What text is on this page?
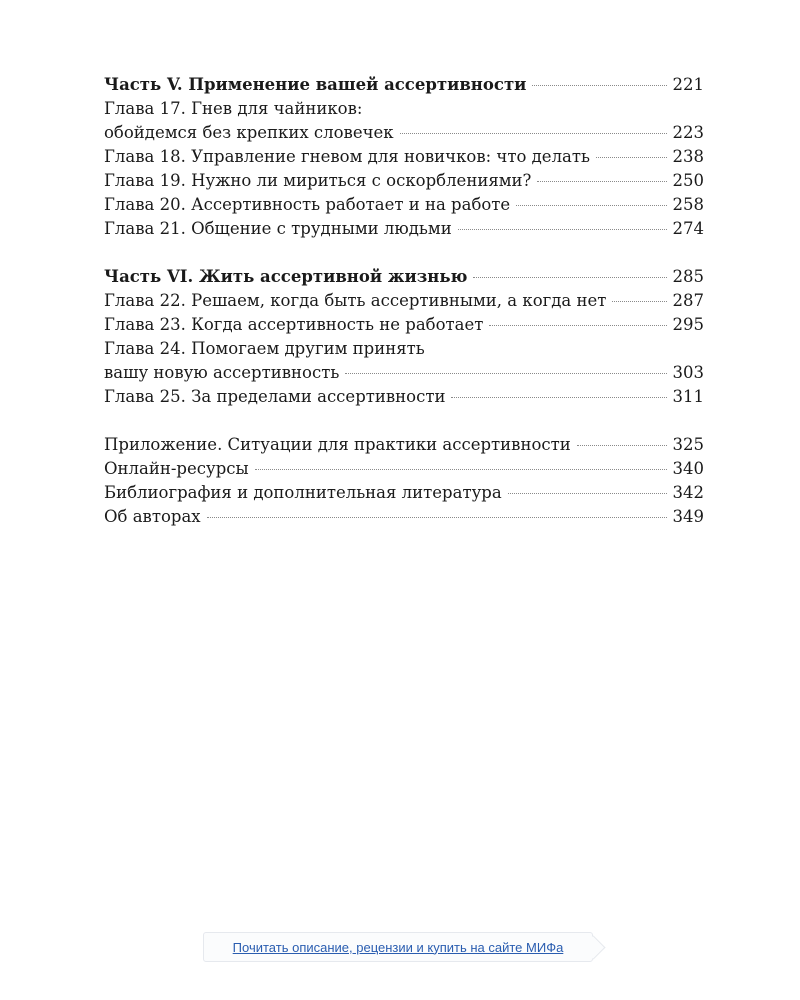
Часть V. Применение вашей ассертивности	221
Глава 17. Гнев для чайников:
обойдемся без крепких словечек	223
Глава 18. Управление гневом для новичков: что делать	238
Глава 19. Нужно ли мириться с оскорблениями?	250
Глава 20. Ассертивность работает и на работе	258
Глава 21. Общение с трудными людьми	274
Часть VI. Жить ассертивной жизнью	285
Глава 22. Решаем, когда быть ассертивными, а когда нет	287
Глава 23. Когда ассертивность не работает	295
Глава 24. Помогаем другим принять
вашу новую ассертивность	303
Глава 25. За пределами ассертивности	311
Приложение. Ситуации для практики ассертивности	325
Онлайн-ресурсы	340
Библиография и дополнительная литература	342
Об авторах	349
Почитать описание, рецензии и купить на сайте МИФа
